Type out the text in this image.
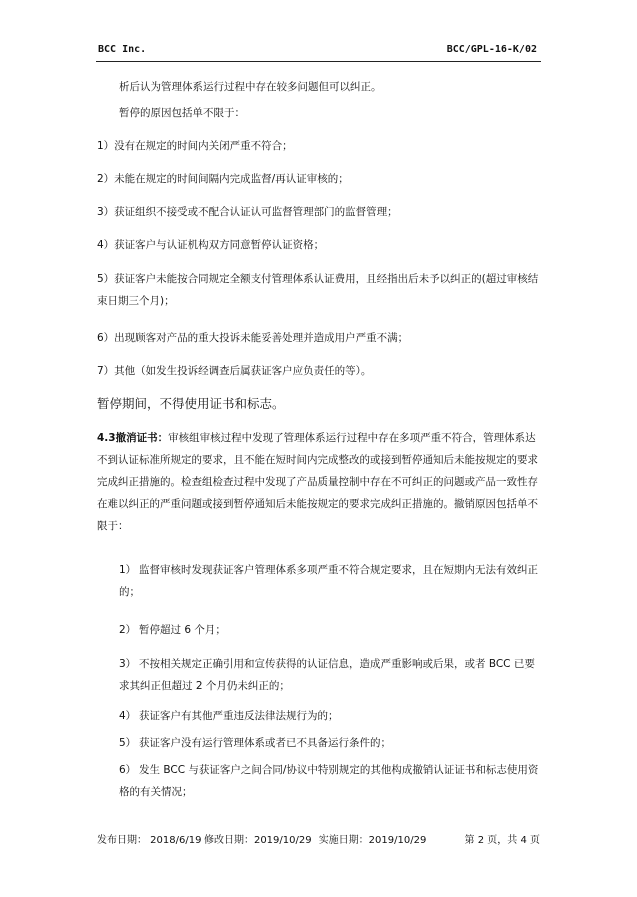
BCC Inc.	BCC/GPL-16-K/02
析后认为管理体系运行过程中存在较多问题但可以纠正。
暂停的原因包括单不限于：
1）没有在规定的时间内关闭严重不符合；
2）未能在规定的时间间隔内完成监督/再认证审核的；
3）获证组织不接受或不配合认证认可监督管理部门的监督管理；
4）获证客户与认证机构双方同意暂停认证资格；
5）获证客户未能按合同规定全额支付管理体系认证费用，且经指出后未予以纠正的(超过审核结束日期三个月)；
6）出现顾客对产品的重大投诉未能妥善处理并造成用户严重不满；
7）其他（如发生投诉经调查后属获证客户应负责任的等）。
暂停期间，不得使用证书和标志。
4.3撤消证书：审核组审核过程中发现了管理体系运行过程中存在多项严重不符合，管理体系达不到认证标准所规定的要求，且不能在短时间内完成整改的或接到暂停通知后未能按规定的要求完成纠正措施的。检查组检查过程中发现了产品质量控制中存在不可纠正的问题或产品一致性存在难以纠正的严重问题或接到暂停通知后未能按规定的要求完成纠正措施的。撤销原因包括单不限于：
1） 监督审核时发现获证客户管理体系多项严重不符合规定要求，且在短期内无法有效纠正的；
2） 暂停超过 6 个月；
3） 不按相关规定正确引用和宣传获得的认证信息，造成严重影响或后果，或者 BCC 已要求其纠正但超过 2 个月仍未纠正的；
4） 获证客户有其他严重违反法律法规行为的；
5） 获证客户没有运行管理体系或者已不具备运行条件的；
6） 发生 BCC 与获证客户之间合同/协议中特别规定的其他构成撤销认证证书和标志使用资格的有关情况；
发布日期： 2018/6/19 修改日期：2019/10/29 实施日期：2019/10/29	第 2 页，共 4 页
